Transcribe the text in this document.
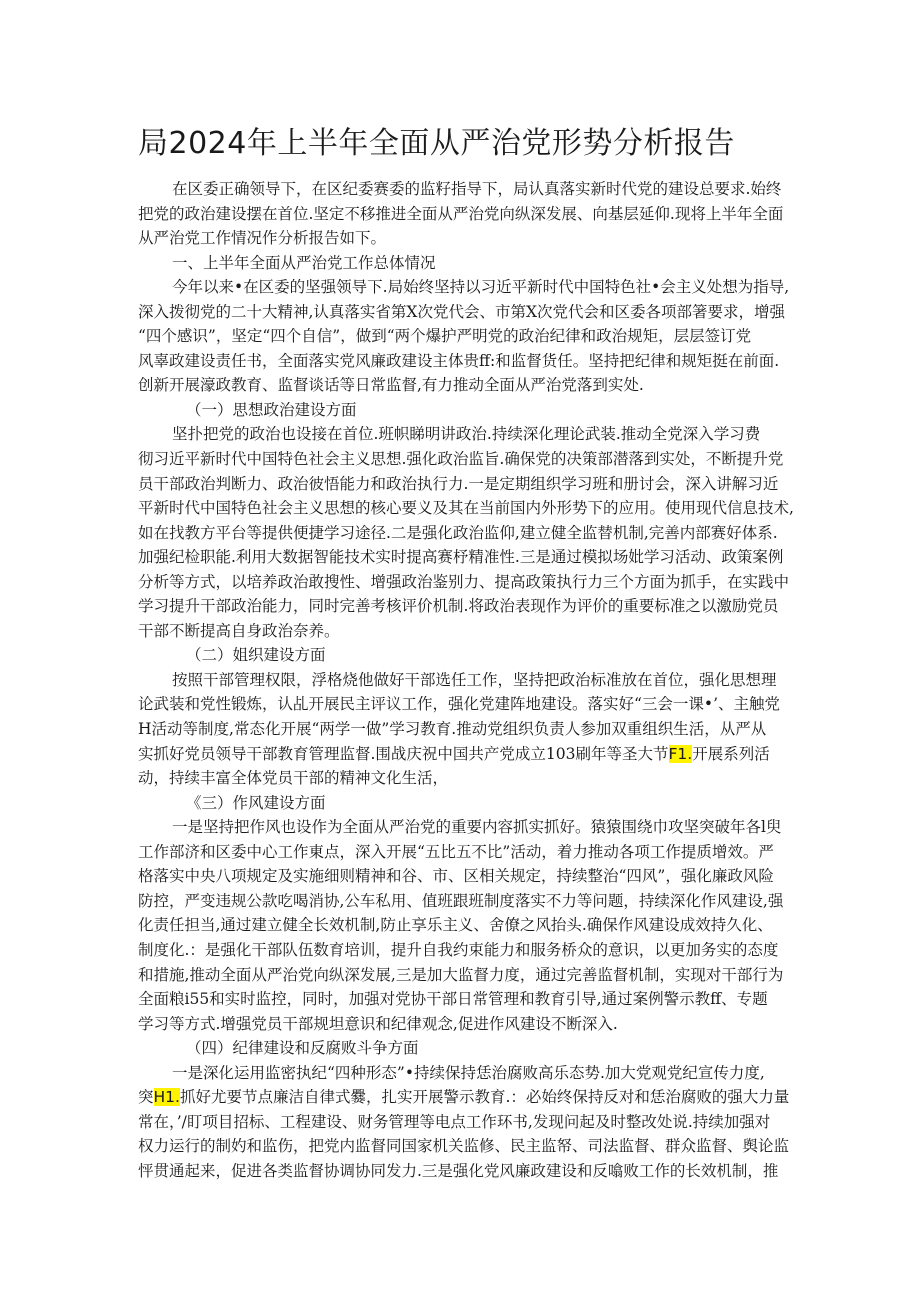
局2024年上半年全面从严治党形势分析报告
在区委正确领导下，在区纪委赛委的监籽指导下，局认真落实新时代党的建设总要求.始终
把党的政治建设摆在首位.坚定不移推进全面从严治党向纵深发展、向基层延仰.现将上半年全面
从严治党工作情况作分析报告如下。
一、上半年全面从严治党工作总体情况
今年以来•在区委的坚强领导下.局始终坚持以习近平新时代中国特色社•会主义处想为指导,
深入拨彻党的二十大精神,认真落实省第X次党代会、市第X次党代会和区委各项部箸要求，增强
“四个感识”，坚定“四个自信”，做到“两个爆护严明党的政治纪律和政治规矩，层层签订党
风辜政建设责任书，全面落实党风廉政建设主体贵ff:和监督货任。坚持把纪律和规矩挺在前面.
创新开展濠政教育、监督谈话等日常监督,有力推动全面从严治党落到实处.
（一）思想政治建设方面
坚扑把党的政治也设接在首位.班帜睇明讲政治.持续深化理论武装.推动全党深入学习费
彻习近平新时代中国特色社会主义思想.强化政治监旨.确保党的决策部潜落到实处，不断提升党
员干部政治判断力、政治彼悟能力和政治执行力.一是定期组织学习班和册讨会，深入讲解习近
平新时代中国特色社会主义思想的核心要义及其在当前国内外形势下的应用。使用现代信息技术,
如在找教方平台等提供便捷学习途径.二是强化政治监仰,建立健全监替机制,完善内部赛好体系.
加强纪检职能.利用大数据智能技术实时提高赛杼精准性.三是通过模拟场妣学习活动、政策案例
分析等方式，以培养政治敢搜性、增强政治鉴别力、提高政策执行力三个方面为抓手，在实践中
学习提升干部政治能力，同时完善考核评价机制.将政治表现作为评价的重要标准之以激励党员
干部不断提高自身政治奈养。
（二）姐织建设方面
按照干部管理权限，浮格烧他做好干部选任工作，坚持把政治标准放在首位，强化思想理
论武装和党性锻炼，认乩开展民主评议工作，强化党建阵地建设。落实好“三会一课•’、主触党
H活动等制度,常态化开展“两学一做”学习教育.推动党组织负责人参加双重组织生活，从严从
实抓好党员领导干部教育管理监督.围战庆祝中国共产党成立103刷年等圣大节F1.开展系列活
动，持续丰富全体党员干部的精神文化生活，
《三）作风建设方面
一是坚持把作风也设作为全面从严治党的重要内容抓实抓好。猿猿围绕巾攻坚突破年各l臾
工作部济和区委中心工作東点，深入开展“五比五不比”活动，着力推动各项工作提质增效。严
格落实中央八项规定及实施细则精神和谷、市、区相关规定，持续整治“四风”，强化廉政风险
防控，严变违规公款吃喝消协,公车私用、值班跟班制度落实不力等问题，持续深化作风建设,强
化责任担当,通过建立健全长效机制,防止享乐主义、舍僚之风抬头.确保作风建设成效持久化、
制度化.：是强化干部队伍数育培训，提升自我约束能力和服务桥众的意识，以更加务实的态度
和措施,推动全面从严治党向纵深发展,三是加大监督力度，通过完善监督机制，实现对干部行为
全面粮i55和实时监控，同时，加强对党协干部日常管理和教育引导,通过案例警示教ff、专题
学习等方式.增强党员干部规坦意识和纪律观念,促进作风建设不断深入.
（四）纪律建设和反腐败斗争方面
一是深化运用监密执纪“四种形态”•持续保持恁治腐败高乐态势.加大党观党纪宣传力度,
突H1.抓好尤要节点廉洁自律式爨，扎实开展警示教育.：必始终保持反对和恁治腐败的强大力量
常在，’/盯项目招标、工程建设、财务管理等电点工作环书,发现问起及时整改处说.持续加强对
权力运行的制妁和监伤，把党内监督同国家机关监修、民主监帑、司法监督、群众监督、舆论监
怦贯通起来，促进各类监督协调协同发力.三是强化党风廉政建设和反噏败工作的长效机制，推
